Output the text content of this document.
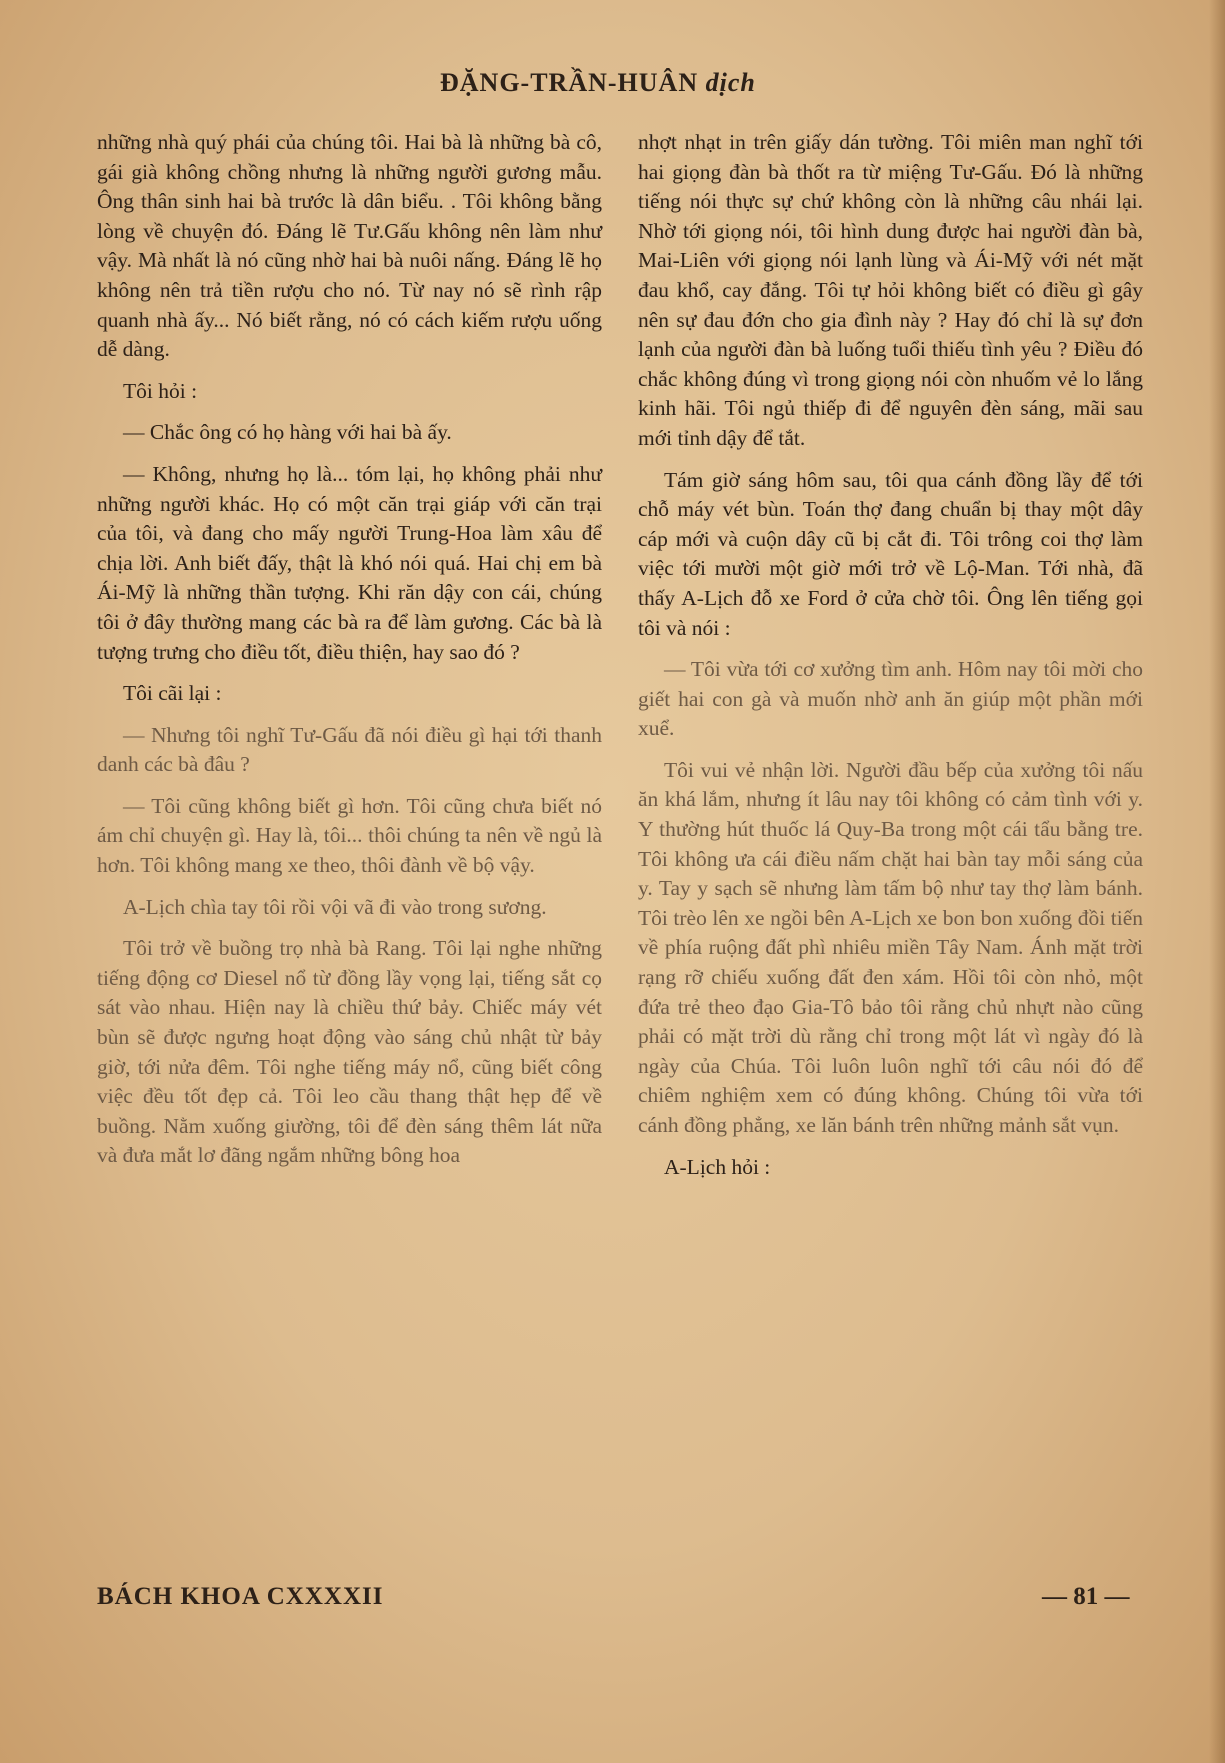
ĐẶNG-TRẦN-HUÂN dịch

những nhà quý phái của chúng tôi. Hai bà là những bà cô, gái già không chồng nhưng là những người gương mẫu. Ông thân sinh hai bà trước là dân biểu. . Tôi không bằng lòng về chuyện đó. Đáng lẽ Tư.Gấu không nên làm như vậy. Mà nhất là nó cũng nhờ hai bà nuôi nấng. Đáng lẽ họ không nên trả tiền rượu cho nó. Từ nay nó sẽ rình rập quanh nhà ấy... Nó biết rằng, nó có cách kiếm rượu uống dễ dàng.

Tôi hỏi :

— Chắc ông có họ hàng với hai bà ấy.

— Không, nhưng họ là... tóm lại, họ không phải như những người khác. Họ có một căn trại giáp với căn trại của tôi, và đang cho mấy người Trung-Hoa làm xâu để chịa lời. Anh biết đấy, thật là khó nói quá. Hai chị em bà Ái-Mỹ là những thần tượng. Khi răn dậy con cái, chúng tôi ở đây thường mang các bà ra để làm gương. Các bà là tượng trưng cho điều tốt, điều thiện, hay sao đó ?

Tôi cãi lại :

— Nhưng tôi nghĩ Tư-Gấu đã nói điều gì hại tới thanh danh các bà đâu ?

— Tôi cũng không biết gì hơn. Tôi cũng chưa biết nó ám chỉ chuyện gì. Hay là, tôi... thôi chúng ta nên về ngủ là hơn. Tôi không mang xe theo, thôi đành về bộ vậy.

A-Lịch chìa tay tôi rồi vội vã đi vào trong sương.

Tôi trở về buồng trọ nhà bà Rang. Tôi lại nghe những tiếng động cơ Diesel nổ từ đồng lầy vọng lại, tiếng sắt cọ sát vào nhau. Hiện nay là chiều thứ bảy. Chiếc máy vét bùn sẽ được ngưng hoạt động vào sáng chủ nhật từ bảy giờ, tới nửa đêm. Tôi nghe tiếng máy nổ, cũng biết công việc đều tốt đẹp cả. Tôi leo cầu thang thật hẹp để về buồng. Nằm xuống giường, tôi để đèn sáng thêm lát nữa và đưa mắt lơ đãng ngắm những bông hoa

nhợt nhạt in trên giấy dán tường. Tôi miên man nghĩ tới hai giọng đàn bà thốt ra từ miệng Tư-Gấu. Đó là những tiếng nói thực sự chứ không còn là những câu nhái lại. Nhờ tới giọng nói, tôi hình dung được hai người đàn bà, Mai-Liên với giọng nói lạnh lùng và Ái-Mỹ với nét mặt đau khổ, cay đắng. Tôi tự hỏi không biết có điều gì gây nên sự đau đớn cho gia đình này ? Hay đó chỉ là sự đơn lạnh của người đàn bà luống tuổi thiếu tình yêu ? Điều đó chắc không đúng vì trong giọng nói còn nhuốm vẻ lo lắng kinh hãi. Tôi ngủ thiếp đi để nguyên đèn sáng, mãi sau mới tỉnh dậy để tắt.

Tám giờ sáng hôm sau, tôi qua cánh đồng lầy để tới chỗ máy vét bùn. Toán thợ đang chuẩn bị thay một dây cáp mới và cuộn dây cũ bị cắt đi. Tôi trông coi thợ làm việc tới mười một giờ mới trở về Lộ-Man. Tới nhà, đã thấy A-Lịch đỗ xe Ford ở cửa chờ tôi. Ông lên tiếng gọi tôi và nói :

— Tôi vừa tới cơ xưởng tìm anh. Hôm nay tôi mời cho giết hai con gà và muốn nhờ anh ăn giúp một phần mới xuể.

Tôi vui vẻ nhận lời. Người đầu bếp của xưởng tôi nấu ăn khá lắm, nhưng ít lâu nay tôi không có cảm tình với y. Y thường hút thuốc lá Quy-Ba trong một cái tẩu bằng tre. Tôi không ưa cái điều nấm chặt hai bàn tay mỗi sáng của y. Tay y sạch sẽ nhưng làm tấm bộ như tay thợ làm bánh. Tôi trèo lên xe ngồi bên A-Lịch xe bon bon xuống đồi tiến về phía ruộng đất phì nhiêu miền Tây Nam. Ánh mặt trời rạng rỡ chiếu xuống đất đen xám. Hồi tôi còn nhỏ, một đứa trẻ theo đạo Gia-Tô bảo tôi rằng chủ nhựt nào cũng phải có mặt trời dù rằng chỉ trong một lát vì ngày đó là ngày của Chúa. Tôi luôn luôn nghĩ tới câu nói đó để chiêm nghiệm xem có đúng không. Chúng tôi vừa tới cánh đồng phẳng, xe lăn bánh trên những mảnh sắt vụn.

A-Lịch hỏi :

BÁCH KHOA CXXXXII	— 81 —
